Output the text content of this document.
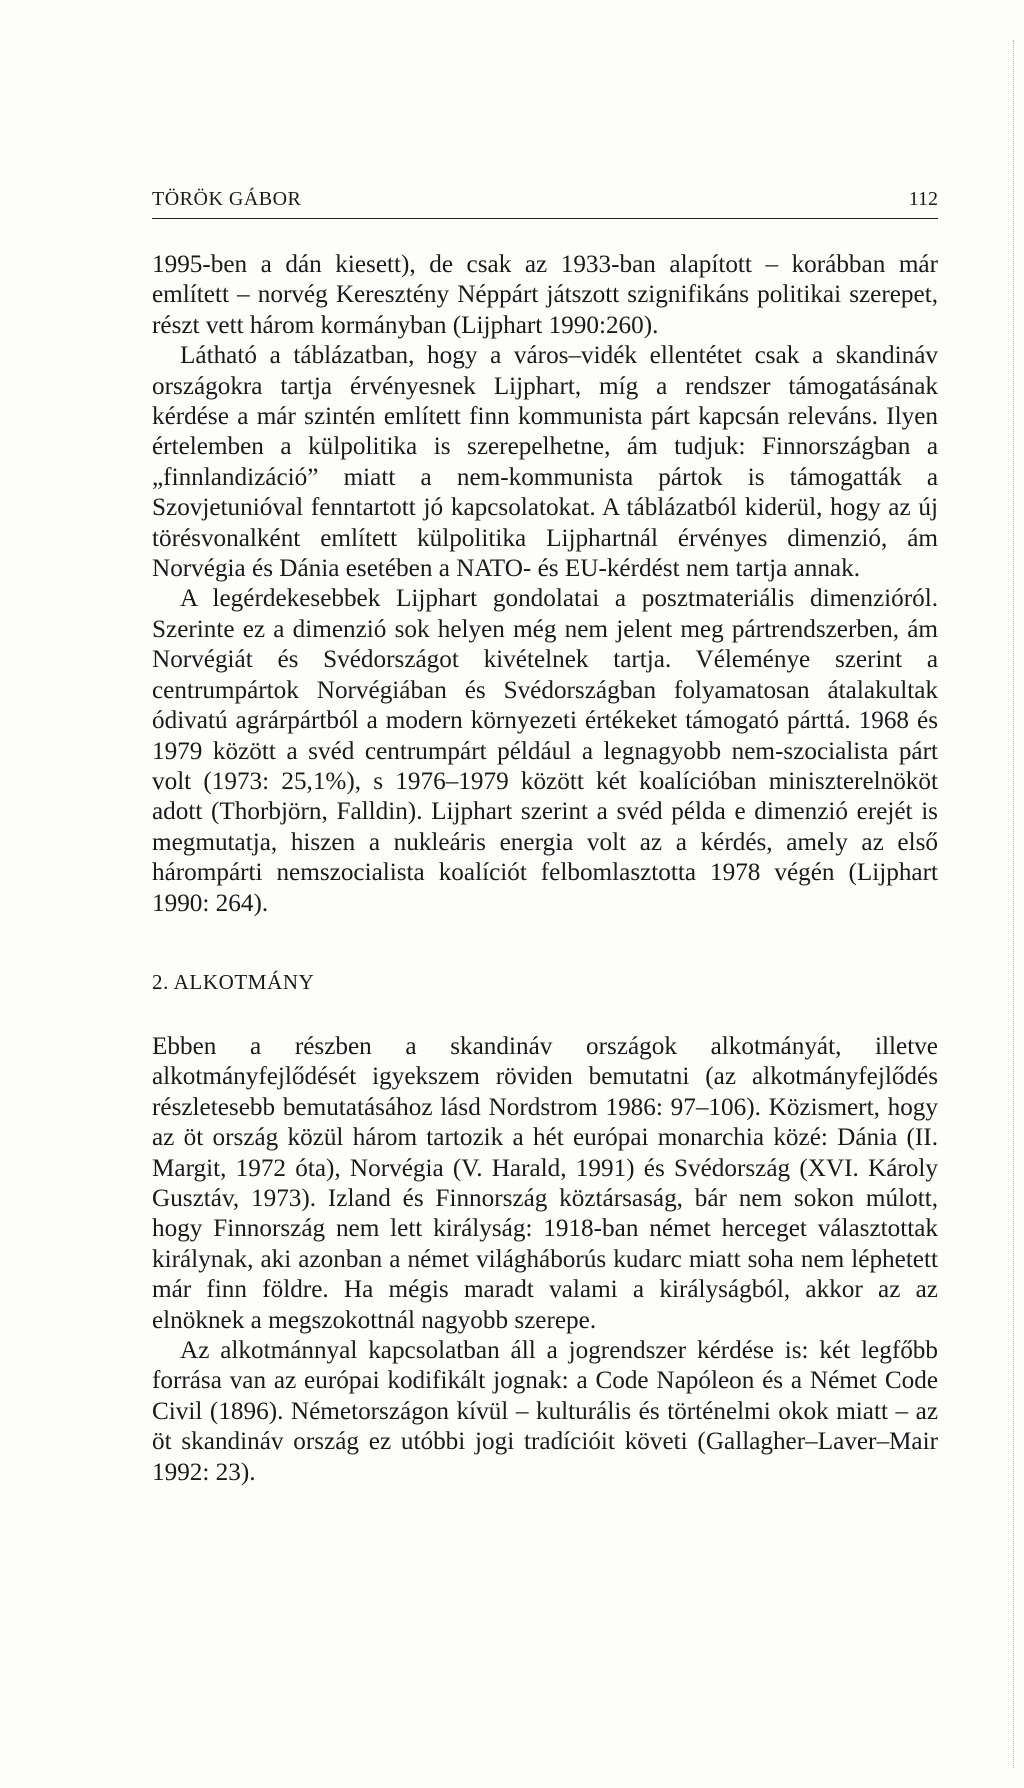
TÖRÖK GÁBOR	112

1995-ben a dán kiesett), de csak az 1933-ban alapított – korábban már említett – norvég Keresztény Néppárt játszott szignifikáns politikai szerepet, részt vett három kormányban (Lijphart 1990:260).

Látható a táblázatban, hogy a város–vidék ellentétet csak a skandináv országokra tartja érvényesnek Lijphart, míg a rendszer támogatásának kérdése a már szintén említett finn kommunista párt kapcsán releváns. Ilyen értelemben a külpolitika is szerepelhetne, ám tudjuk: Finnországban a „finnlandizáció” miatt a nem-kommunista pártok is támogatták a Szovjetunióval fenntartott jó kapcsolatokat. A táblázatból kiderül, hogy az új törésvonalként említett külpolitika Lijphartnál érvényes dimenzió, ám Norvégia és Dánia esetében a NATO- és EU-kérdést nem tartja annak.

A legérdekesebbek Lijphart gondolatai a posztmateriális dimenzióról. Szerinte ez a dimenzió sok helyen még nem jelent meg pártrendszerben, ám Norvégiát és Svédországot kivételnek tartja. Véleménye szerint a centrumpártok Norvégiában és Svédországban folyamatosan átalakultak ódivatú agrárpártból a modern környezeti értékeket támogató párttá. 1968 és 1979 között a svéd centrumpárt például a legnagyobb nem-szocialista párt volt (1973: 25,1%), s 1976–1979 között két koalícióban miniszterelnököt adott (Thorbjörn, Falldin). Lijphart szerint a svéd példa e dimenzió erejét is megmutatja, hiszen a nukleáris energia volt az a kérdés, amely az első hárompárti nemszocialista koalíciót felbomlasztotta 1978 végén (Lijphart 1990: 264).

2. ALKOTMÁNY

Ebben a részben a skandináv országok alkotmányát, illetve alkotmányfejlődését igyekszem röviden bemutatni (az alkotmányfejlődés részletesebb bemutatásához lásd Nordstrom 1986: 97–106). Közismert, hogy az öt ország közül három tartozik a hét európai monarchia közé: Dánia (II. Margit, 1972 óta), Norvégia (V. Harald, 1991) és Svédország (XVI. Károly Gusztáv, 1973). Izland és Finnország köztársaság, bár nem sokon múlott, hogy Finnország nem lett királyság: 1918-ban német herceget választottak királynak, aki azonban a német világháborús kudarc miatt soha nem léphetett már finn földre. Ha mégis maradt valami a királyságból, akkor az az elnöknek a megszokottnál nagyobb szerepe.

Az alkotmánnyal kapcsolatban áll a jogrendszer kérdése is: két legfőbb forrása van az európai kodifikált jognak: a Code Napóleon és a Német Code Civil (1896). Németországon kívül – kulturális és történelmi okok miatt – az öt skandináv ország ez utóbbi jogi tradícióit követi (Gallagher–Laver–Mair 1992: 23).
